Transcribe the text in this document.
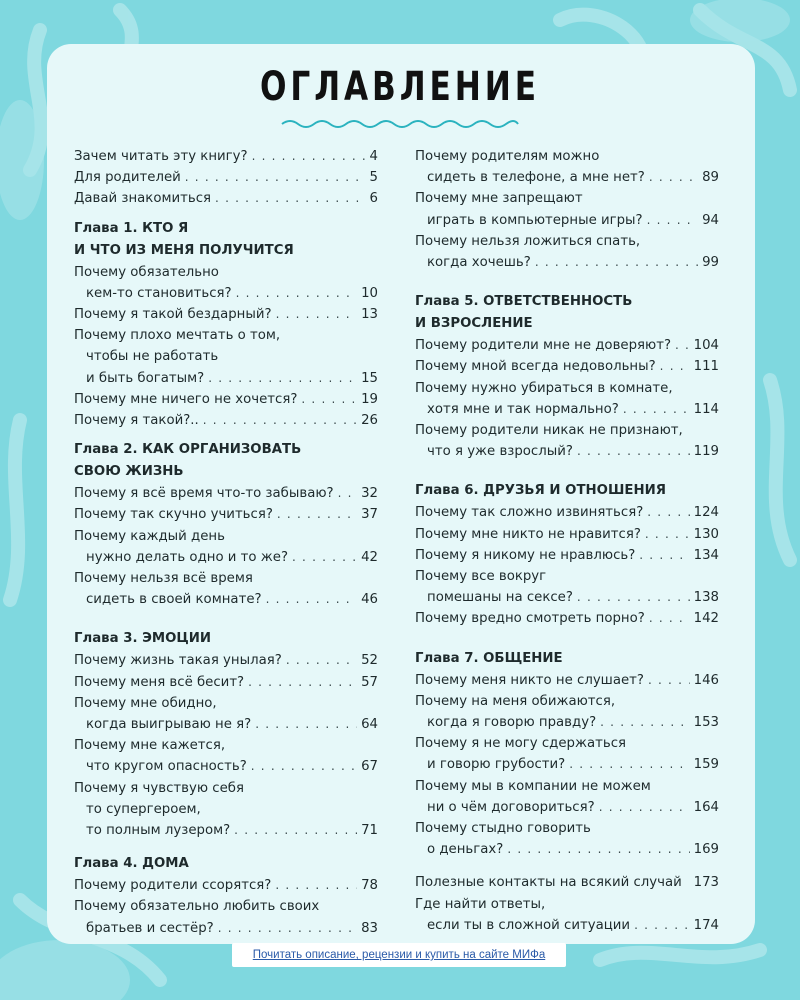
ОГЛАВЛЕНИЕ
Зачем читать эту книгу? . . .	4
Для родителей . . .	5
Давай знакомиться . . .	6
Глава 1. КТО Я
И ЧТО ИЗ МЕНЯ ПОЛУЧИТСЯ
Почему обязательно
кем-то становиться? . . .	10
Почему я такой бездарный? . . .	13
Почему плохо мечтать о том,
чтобы не работать
и быть богатым? . . .	15
Почему мне ничего не хочется? . . .	19
Почему я такой?.. . . .	26
Глава 2. КАК ОРГАНИЗОВАТЬ
СВОЮ ЖИЗНЬ
Почему я всё время что-то забываю? . . . 32
Почему так скучно учиться? . . .	37
Почему каждый день
нужно делать одно и то же? . . .	42
Почему нельзя всё время
сидеть в своей комнате? . . .	46
Глава 3. ЭМОЦИИ
Почему жизнь такая унылая? . . .	52
Почему меня всё бесит? . . .	57
Почему мне обидно,
когда выигрываю не я? . . .	64
Почему мне кажется,
что кругом опасность? . . .	67
Почему я чувствую себя
то супергероем,
то полным лузером? . . .	71
Глава 4. ДОМА
Почему родители ссорятся? . . .	78
Почему обязательно любить своих
братьев и сестёр? . . .	83
Почему родителям можно
сидеть в телефоне, а мне нет? . . .	89
Почему мне запрещают
играть в компьютерные игры? . . .	94
Почему нельзя ложиться спать,
когда хочешь? . . .	99
Глава 5. ОТВЕТСТВЕННОСТЬ
И ВЗРОСЛЕНИЕ
Почему родители мне не доверяют? . . . 104
Почему мной всегда недовольны? . . .	111
Почему нужно убираться в комнате,
хотя мне и так нормально? . . .	114
Почему родители никак не признают,
что я уже взрослый? . . .	119
Глава 6. ДРУЗЬЯ И ОТНОШЕНИЯ
Почему так сложно извиняться? . . .	124
Почему мне никто не нравится? . . .	130
Почему я никому не нравлюсь? . . .	134
Почему все вокруг
помешаны на сексе? . . .	138
Почему вредно смотреть порно? . . .	142
Глава 7. ОБЩЕНИЕ
Почему меня никто не слушает? . . .	146
Почему на меня обижаются,
когда я говорю правду? . . .	153
Почему я не могу сдержаться
и говорю грубости? . . .	159
Почему мы в компании не можем
ни о чём договориться? . . .	164
Почему стыдно говорить
о деньгах? . . .	169
Полезные контакты на всякий случай 173
Где найти ответы,
если ты в сложной ситуации . . .	174
Почитать описание, рецензии и купить на сайте МИФа
